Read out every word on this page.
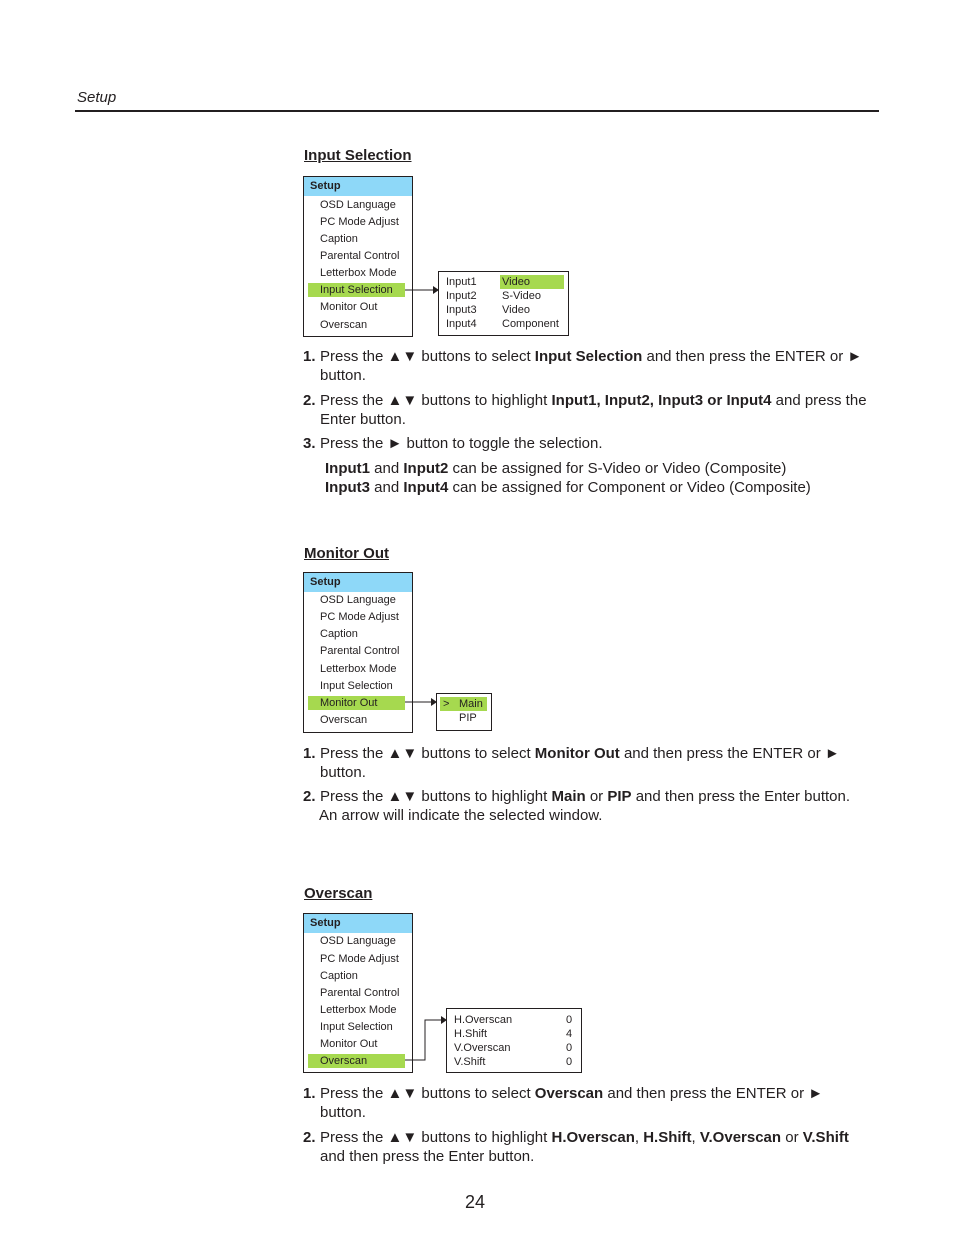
Setup
Input Selection
Setup
OSD Language
PC Mode Adjust
Caption
Parental Control
Letterbox Mode
Input Selection
Monitor Out
Overscan
Input1 Video
Input2 S-Video
Input3 Video
Input4 Component
1. Press the ▲▼ buttons to select Input Selection and then press the ENTER or ► button.
2. Press the ▲▼ buttons to highlight Input1, Input2, Input3 or Input4 and press the Enter button.
3. Press the ► button to toggle the selection.
Input1 and Input2 can be assigned for S-Video or Video (Composite)
Input3 and Input4 can be assigned for Component or Video (Composite)
Monitor Out
Setup
OSD Language
PC Mode Adjust
Caption
Parental Control
Letterbox Mode
Input Selection
Monitor Out
Overscan
> Main
PIP
1. Press the ▲▼ buttons to select Monitor Out and then press the ENTER or ► button.
2. Press the ▲▼ buttons to highlight Main or PIP and then press the Enter button.
An arrow will indicate the selected window.
Overscan
Setup
OSD Language
PC Mode Adjust
Caption
Parental Control
Letterbox Mode
Input Selection
Monitor Out
Overscan
H.Overscan	0
H.Shift	4
V.Overscan	0
V.Shift	0
1. Press the ▲▼ buttons to select Overscan and then press the ENTER or ► button.
2. Press the ▲▼ buttons to highlight H.Overscan, H.Shift, V.Overscan or V.Shift and then press the Enter button.
24
